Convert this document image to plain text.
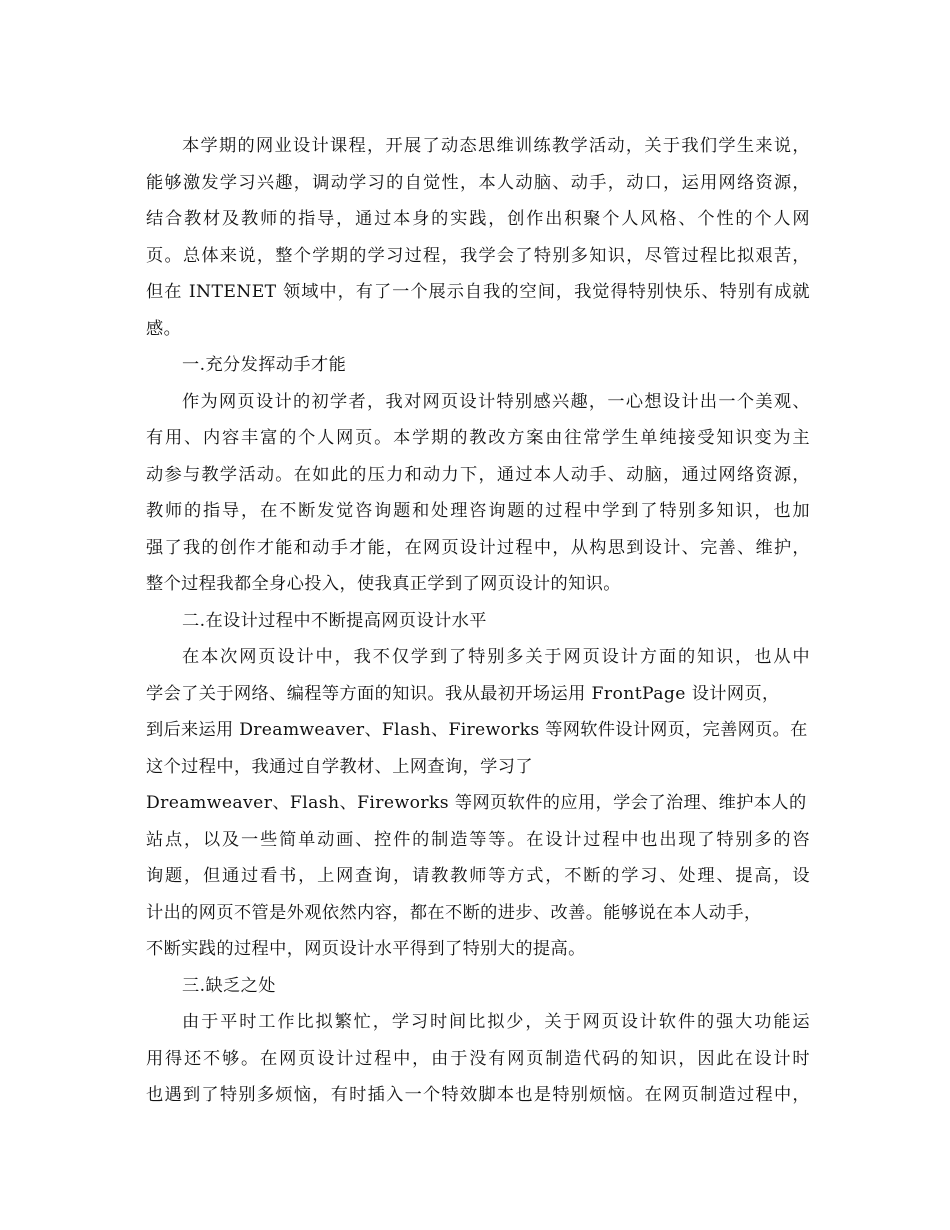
本学期的网业设计课程，开展了动态思维训练教学活动，关于我们学生来说，
能够激发学习兴趣，调动学习的自觉性，本人动脑、动手，动口，运用网络资源，
结合教材及教师的指导，通过本身的实践，创作出积聚个人风格、个性的个人网
页。总体来说，整个学期的学习过程，我学会了特别多知识，尽管过程比拟艰苦，
但在 INTENET 领域中，有了一个展示自我的空间，我觉得特别快乐、特别有成就
感。
一.充分发挥动手才能
作为网页设计的初学者，我对网页设计特别感兴趣，一心想设计出一个美观、
有用、内容丰富的个人网页。本学期的教改方案由往常学生单纯接受知识变为主
动参与教学活动。在如此的压力和动力下，通过本人动手、动脑，通过网络资源，
教师的指导，在不断发觉咨询题和处理咨询题的过程中学到了特别多知识，也加
强了我的创作才能和动手才能，在网页设计过程中，从构思到设计、完善、维护，
整个过程我都全身心投入，使我真正学到了网页设计的知识。
二.在设计过程中不断提高网页设计水平
在本次网页设计中，我不仅学到了特别多关于网页设计方面的知识，也从中
学会了关于网络、编程等方面的知识。我从最初开场运用 FrontPage 设计网页，
到后来运用 Dreamweaver、Flash、Fireworks 等网软件设计网页，完善网页。在
这个过程中，我通过自学教材、上网查询，学习了
Dreamweaver、Flash、Fireworks 等网页软件的应用，学会了治理、维护本人的
站点，以及一些简单动画、控件的制造等等。在设计过程中也出现了特别多的咨
询题，但通过看书，上网查询，请教教师等方式，不断的学习、处理、提高，设
计出的网页不管是外观依然内容，都在不断的进步、改善。能够说在本人动手，
不断实践的过程中，网页设计水平得到了特别大的提高。
三.缺乏之处
由于平时工作比拟繁忙，学习时间比拟少，关于网页设计软件的强大功能运
用得还不够。在网页设计过程中，由于没有网页制造代码的知识，因此在设计时
也遇到了特别多烦恼，有时插入一个特效脚本也是特别烦恼。在网页制造过程中，
